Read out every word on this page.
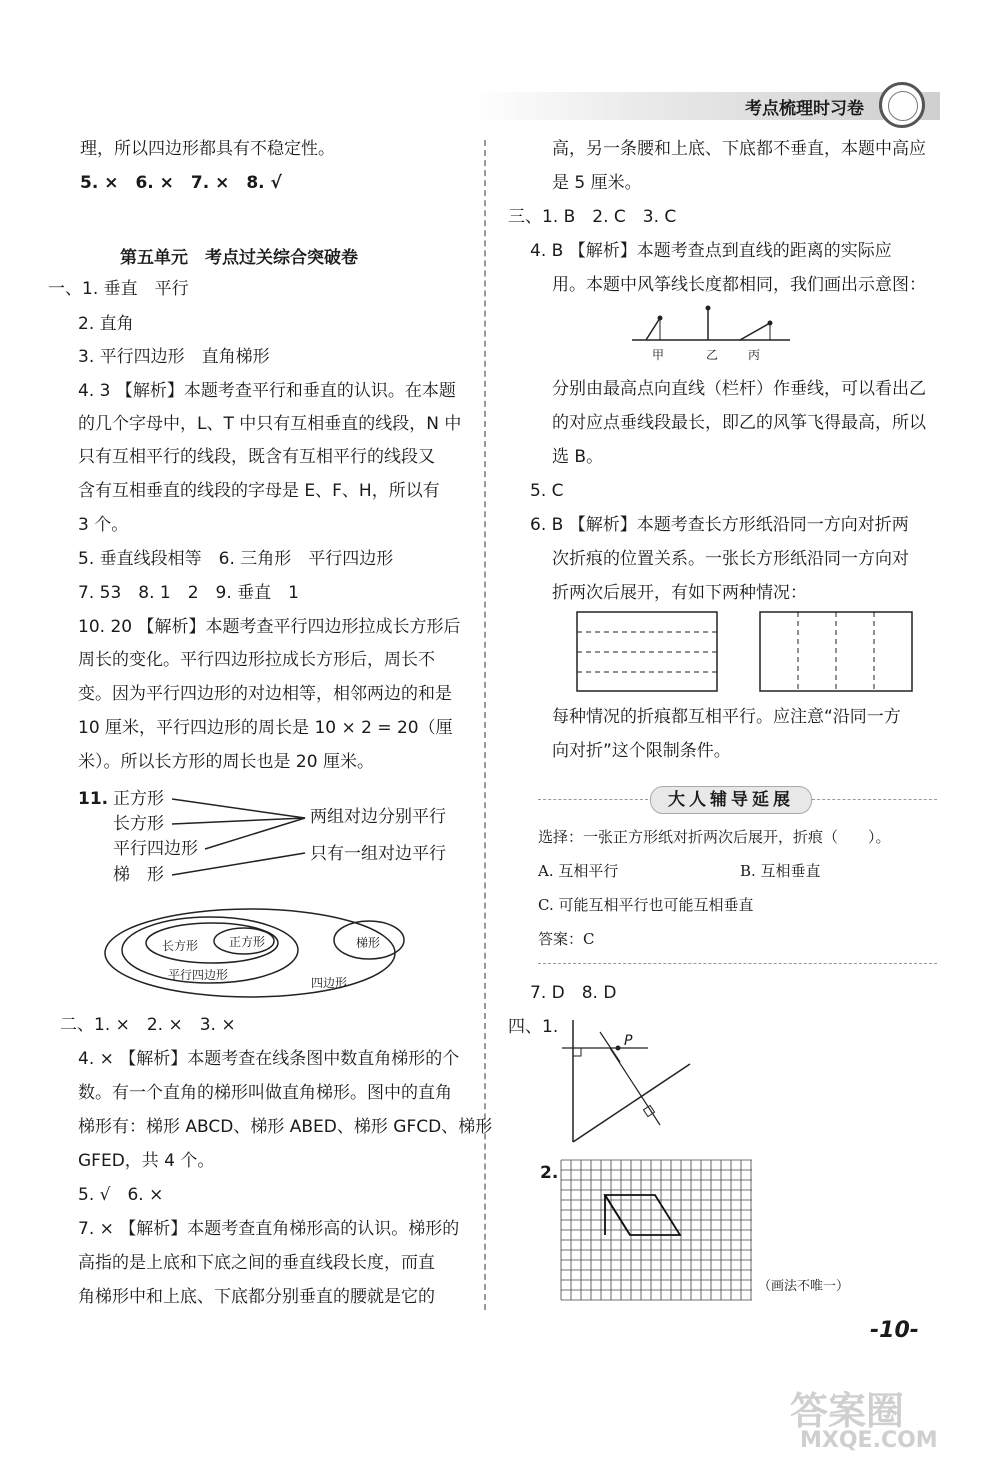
考点梳理时习卷
理，所以四边形都具有不稳定性。
5. ×　6. ×　7. ×　8. √
第五单元　考点过关综合突破卷
一、1. 垂直　平行
2. 直角
3. 平行四边形　直角梯形
4. 3 【解析】本题考查平行和垂直的认识。在本题
的几个字母中，L、T 中只有互相垂直的线段，N 中
只有互相平行的线段，既含有互相平行的线段又
含有互相垂直的线段的字母是 E、F、H，所以有
3 个。
5. 垂直线段相等　6. 三角形　平行四边形
7. 53　8. 1　2　9. 垂直　1
10. 20 【解析】本题考查平行四边形拉成长方形后
周长的变化。平行四边形拉成长方形后，周长不
变。因为平行四边形的对边相等，相邻两边的和是
10 厘米，平行四边形的周长是 10 × 2 = 20（厘
米）。所以长方形的周长也是 20 厘米。
11. 正方形
长方形
平行四边形
梯　形
两组对边分别平行
只有一组对边平行
正方形
长方形
平行四边形
梯形
四边形
二、1. ×　2. ×　3. ×
4. × 【解析】本题考查在线条图中数直角梯形的个
数。有一个直角的梯形叫做直角梯形。图中的直角
梯形有：梯形 ABCD、梯形 ABED、梯形 GFCD、梯形
GFED，共 4 个。
5. √　6. ×
7. × 【解析】本题考查直角梯形高的认识。梯形的
高指的是上底和下底之间的垂直线段长度，而直
角梯形中和上底、下底都分别垂直的腰就是它的
高，另一条腰和上底、下底都不垂直，本题中高应
是 5 厘米。
三、1. B　2. C　3. C
4. B 【解析】本题考查点到直线的距离的实际应
用。本题中风筝线长度都相同，我们画出示意图：
甲	乙 丙
分别由最高点向直线（栏杆）作垂线，可以看出乙
的对应点垂线段最长，即乙的风筝飞得最高，所以
选 B。
5. C
6. B 【解析】本题考查长方形纸沿同一方向对折两
次折痕的位置关系。一张长方形纸沿同一方向对
折两次后展开，有如下两种情况：
每种情况的折痕都互相平行。应注意“沿同一方
向对折”这个限制条件。
大人辅导延展
选择：一张正方形纸对折两次后展开，折痕（　　）。
A. 互相平行	B. 互相垂直
C. 可能互相平行也可能互相垂直
答案：C
7. D　8. D
四、1.
P
2.
（画法不唯一）
-10-
答案圈
MXQE.COM
